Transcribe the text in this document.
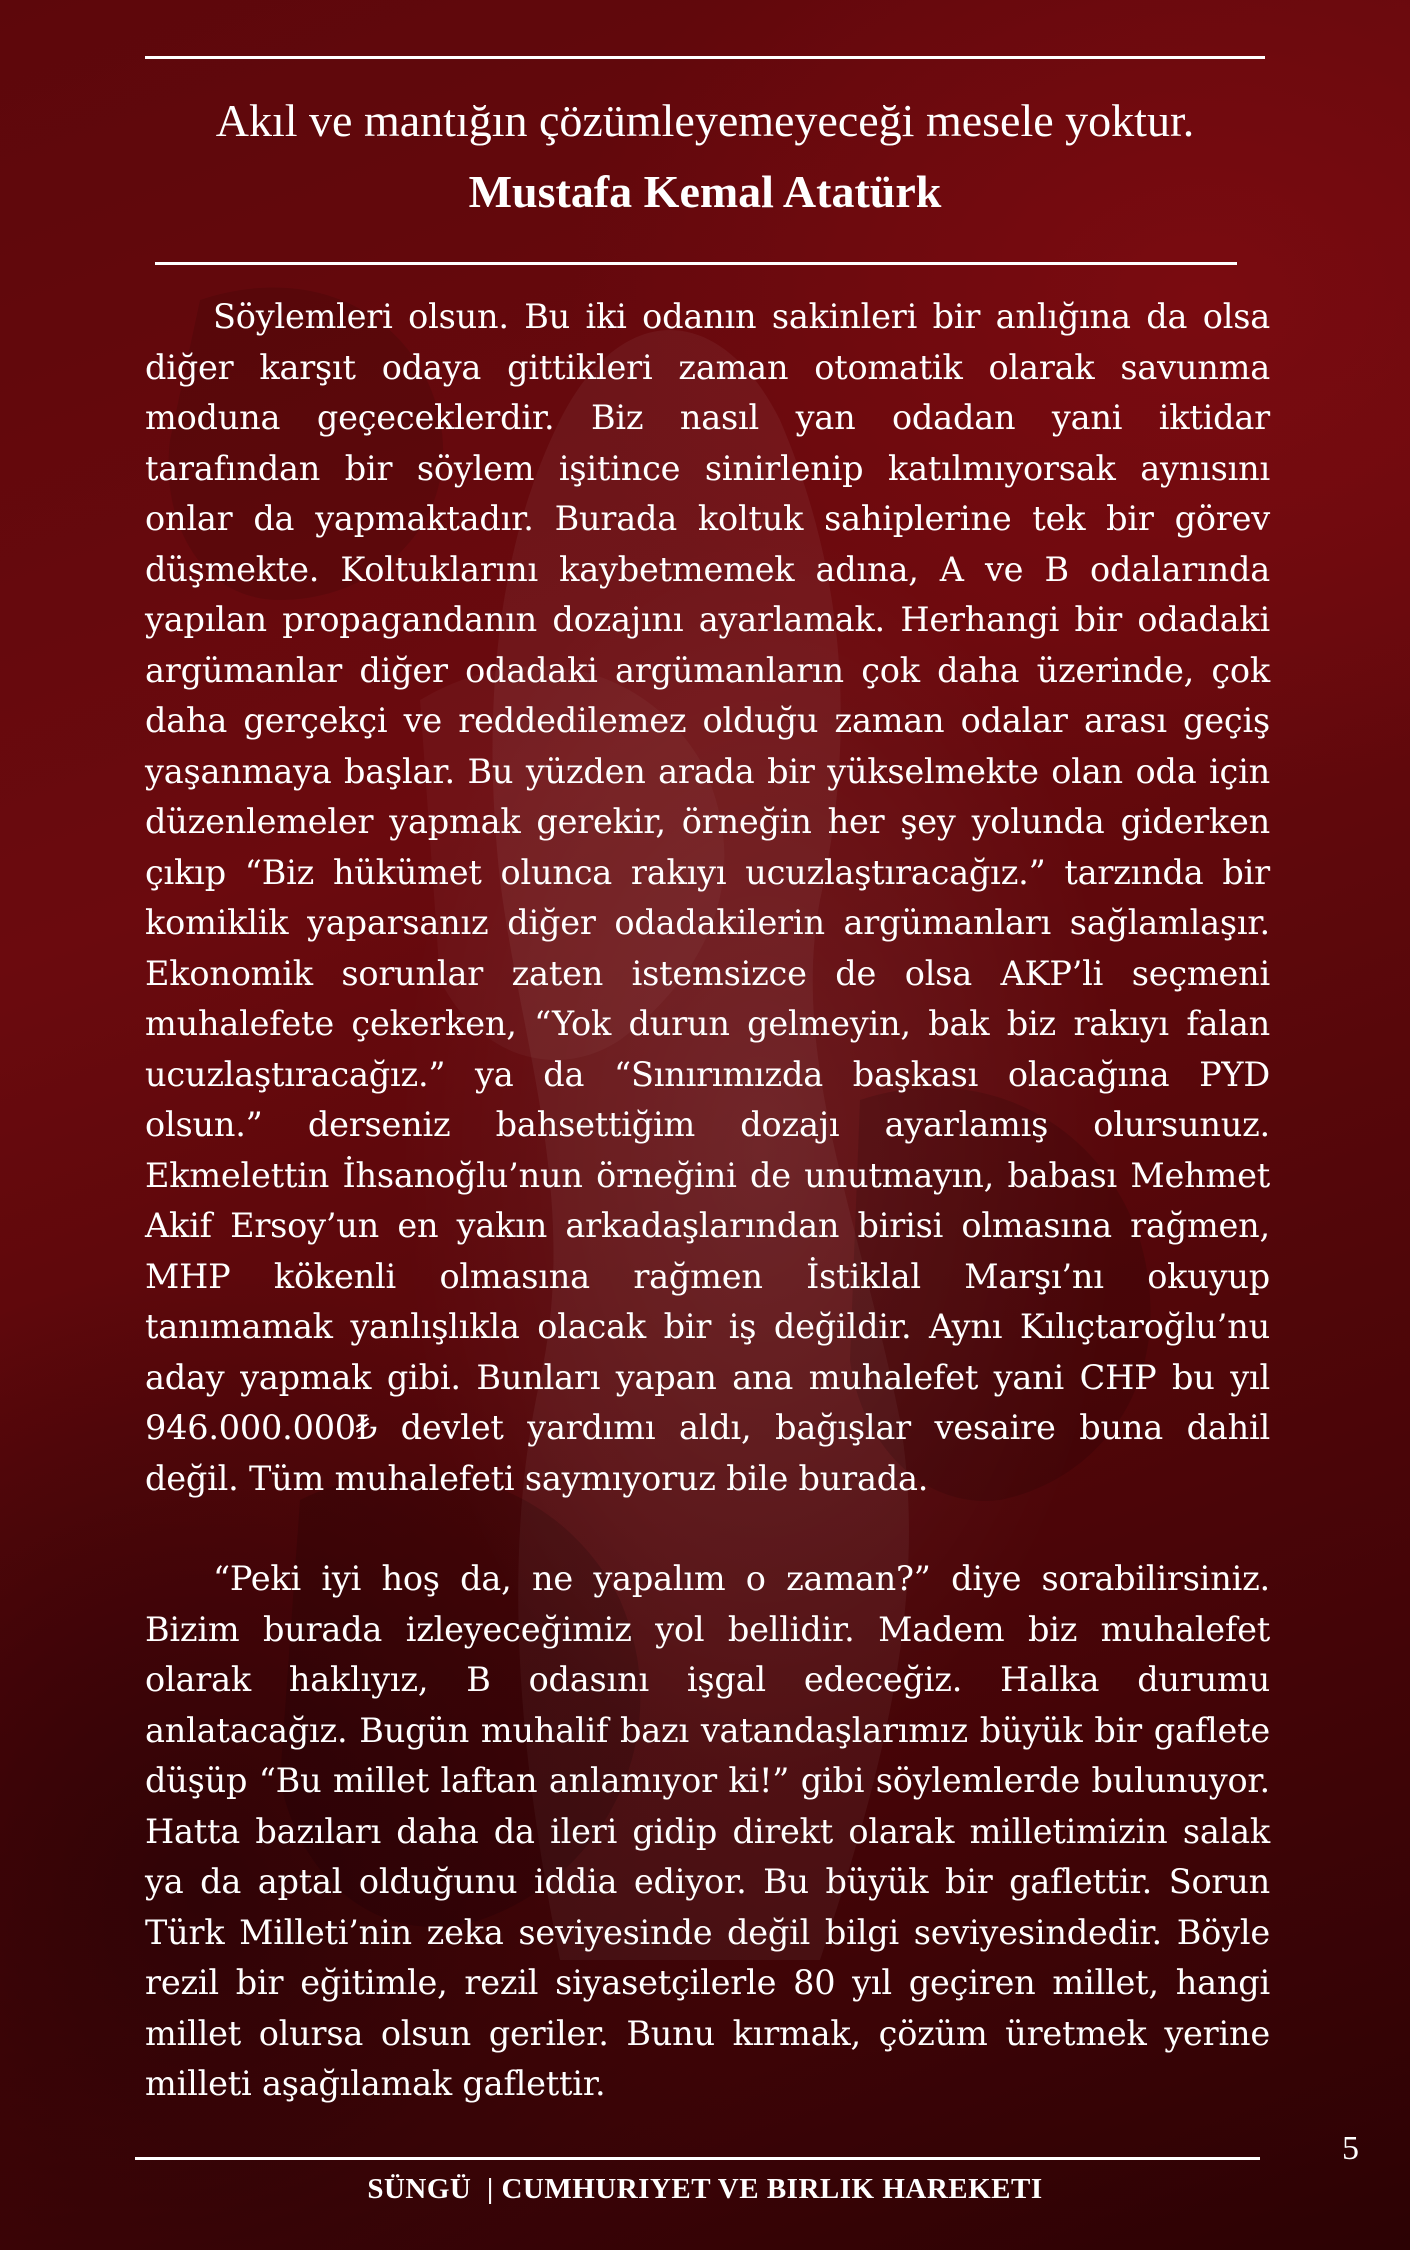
Akıl ve mantığın çözümleyemeyeceği mesele yoktur.
Mustafa Kemal Atatürk

Söylemleri olsun. Bu iki odanın sakinleri bir anlığına da olsa diğer karşıt odaya gittikleri zaman otomatik olarak savunma moduna geçeceklerdir. Biz nasıl yan odadan yani iktidar tarafından bir söylem işitince sinirlenip katılmıyorsak aynısını onlar da yapmaktadır. Burada koltuk sahiplerine tek bir görev düşmekte. Koltuklarını kaybetmemek adına, A ve B odalarında yapılan propagandanın dozajını ayarlamak. Herhangi bir odadaki argümanlar diğer odadaki argümanların çok daha üzerinde, çok daha gerçekçi ve reddedilemez olduğu zaman odalar arası geçiş yaşanmaya başlar. Bu yüzden arada bir yükselmekte olan oda için düzenlemeler yapmak gerekir, örneğin her şey yolunda giderken çıkıp “Biz hükümet olunca rakıyı ucuzlaştıracağız.” tarzında bir komiklik yaparsanız diğer odadakilerin argümanları sağlamlaşır. Ekonomik sorunlar zaten istemsizce de olsa AKP’li seçmeni muhalefete çekerken, “Yok durun gelmeyin, bak biz rakıyı falan ucuzlaştıracağız.” ya da “Sınırımızda başkası olacağına PYD olsun.” derseniz bahsettiğim dozajı ayarlamış olursunuz. Ekmelettin İhsanoğlu’nun örneğini de unutmayın, babası Mehmet Akif Ersoy’un en yakın arkadaşlarından birisi olmasına rağmen, MHP kökenli olmasına rağmen İstiklal Marşı’nı okuyup tanımamak yanlışlıkla olacak bir iş değildir. Aynı Kılıçtaroğlu’nu aday yapmak gibi. Bunları yapan ana muhalefet yani CHP bu yıl 946.000.000₺ devlet yardımı aldı, bağışlar vesaire buna dahil değil. Tüm muhalefeti saymıyoruz bile burada.

“Peki iyi hoş da, ne yapalım o zaman?” diye sorabilirsiniz. Bizim burada izleyeceğimiz yol bellidir. Madem biz muhalefet olarak haklıyız, B odasını işgal edeceğiz. Halka durumu anlatacağız. Bugün muhalif bazı vatandaşlarımız büyük bir gaflete düşüp “Bu millet laftan anlamıyor ki!” gibi söylemlerde bulunuyor. Hatta bazıları daha da ileri gidip direkt olarak milletimizin salak ya da aptal olduğunu iddia ediyor. Bu büyük bir gaflettir. Sorun Türk Milleti’nin zeka seviyesinde değil bilgi seviyesindedir. Böyle rezil bir eğitimle, rezil siyasetçilerle 80 yıl geçiren millet, hangi millet olursa olsun geriler. Bunu kırmak, çözüm üretmek yerine milleti aşağılamak gaflettir.

5
SÜNGÜ  | CUMHURIYET VE BIRLIK HAREKETI
